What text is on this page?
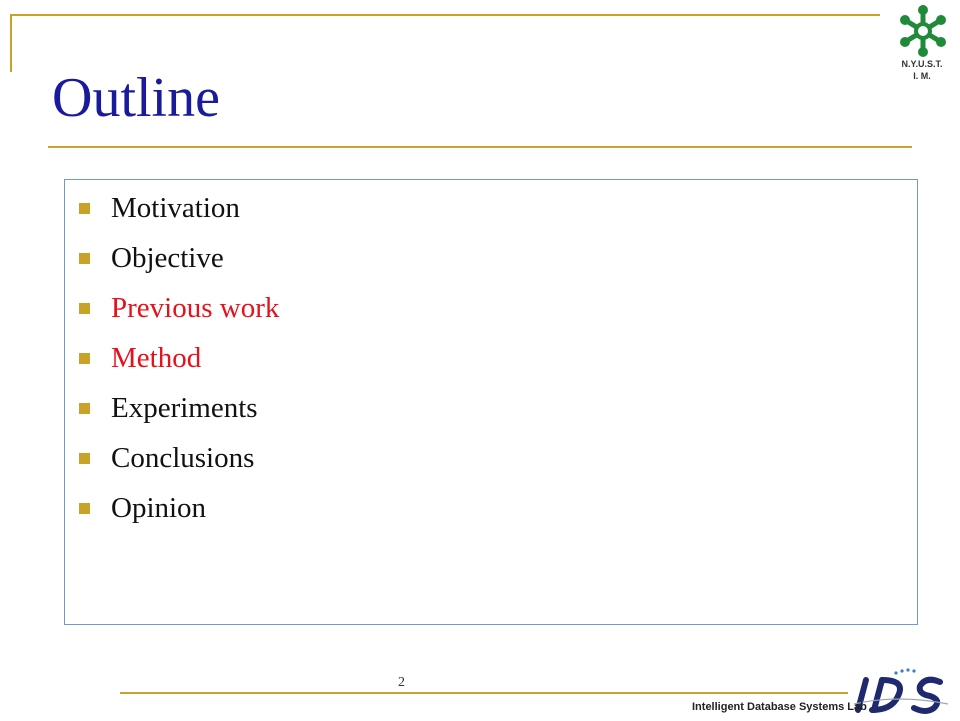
N.Y.U.S.T.
I. M.
Outline
Motivation
Objective
Previous work
Method
Experiments
Conclusions
Opinion
2
Intelligent Database Systems Lab
